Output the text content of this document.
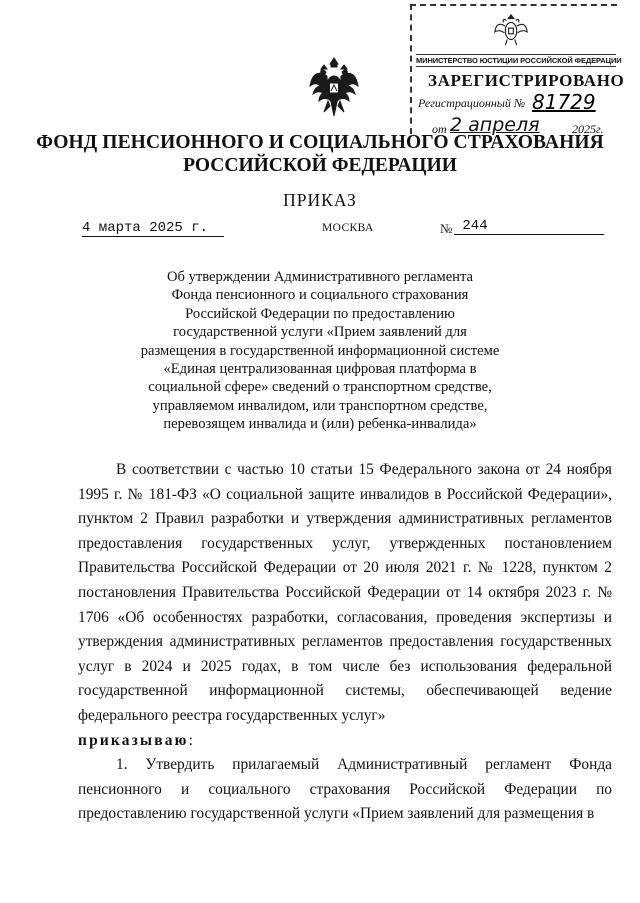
МИНИСТЕРСТВО ЮСТИЦИИ РОССИЙСКОЙ ФЕДЕРАЦИИ
ЗАРЕГИСТРИРОВАНО
Регистрационный № 81729
от 2 апреля	2025г.
ФОНД ПЕНСИОННОГО И СОЦИАЛЬНОГО СТРАХОВАНИЯ
РОССИЙСКОЙ ФЕДЕРАЦИИ
ПРИКАЗ
4 марта 2025 г.	МОСКВА	№ 244
Об утверждении Административного регламента
Фонда пенсионного и социального страхования
Российской Федерации по предоставлению
государственной услуги «Прием заявлений для
размещения в государственной информационной системе
«Единая централизованная цифровая платформа в
социальной сфере» сведений о транспортном средстве,
управляемом инвалидом, или транспортном средстве,
перевозящем инвалида и (или) ребенка-инвалида»

В соответствии с частью 10 статьи 15 Федерального закона от 24 ноября 1995 г. № 181-ФЗ «О социальной защите инвалидов в Российской Федерации», пунктом 2 Правил разработки и утверждения административных регламентов предоставления государственных услуг, утвержденных постановлением Правительства Российской Федерации от 20 июля 2021 г. № 1228, пунктом 2 постановления Правительства Российской Федерации от 14 октября 2023 г. № 1706 «Об особенностях разработки, согласования, проведения экспертизы и утверждения административных регламентов предоставления государственных услуг в 2024 и 2025 годах, в том числе без использования федеральной государственной информационной системы, обеспечивающей ведение федерального реестра государственных услуг»

приказываю:

1. Утвердить прилагаемый Административный регламент Фонда пенсионного и социального страхования Российской Федерации по предоставлению государственной услуги «Прием заявлений для размещения в
